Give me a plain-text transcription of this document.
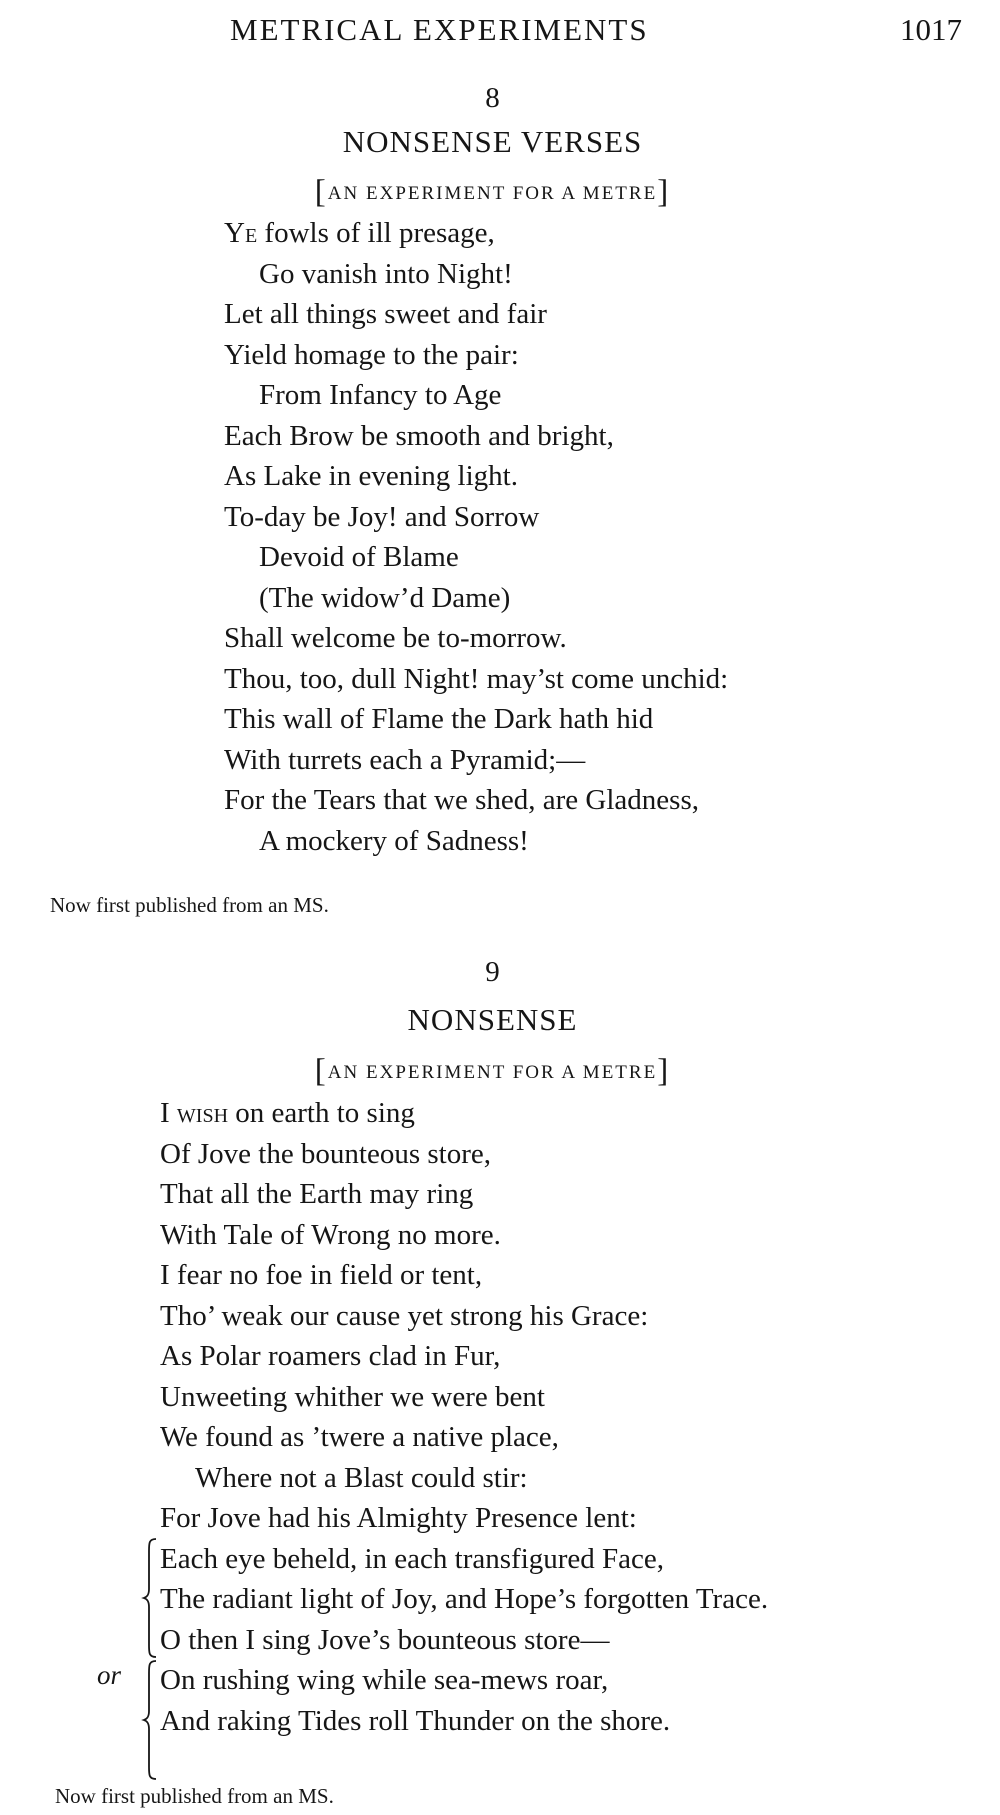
METRICAL EXPERIMENTS	1017
8
NONSENSE VERSES
[AN EXPERIMENT FOR A METRE]
Ye fowls of ill presage,
Go vanish into Night!
Let all things sweet and fair
Yield homage to the pair:
From Infancy to Age
Each Brow be smooth and bright,
As Lake in evening light.
To-day be Joy! and Sorrow
Devoid of Blame
(The widow’d Dame)
Shall welcome be to-morrow.
Thou, too, dull Night! may’st come unchid:
This wall of Flame the Dark hath hid
With turrets each a Pyramid;—
For the Tears that we shed, are Gladness,
A mockery of Sadness!
Now first published from an MS.
9
NONSENSE
[AN EXPERIMENT FOR A METRE]
I wish on earth to sing
Of Jove the bounteous store,
That all the Earth may ring
With Tale of Wrong no more.
I fear no foe in field or tent,
Tho’ weak our cause yet strong his Grace:
As Polar roamers clad in Fur,
Unweeting whither we were bent
We found as ’twere a native place,
Where not a Blast could stir:
For Jove had his Almighty Presence lent:
Each eye beheld, in each transfigured Face,
The radiant light of Joy, and Hope’s forgotten Trace.
O then I sing Jove’s bounteous store—
On rushing wing while sea-mews roar,
And raking Tides roll Thunder on the shore.
or
Now first published from an MS.
